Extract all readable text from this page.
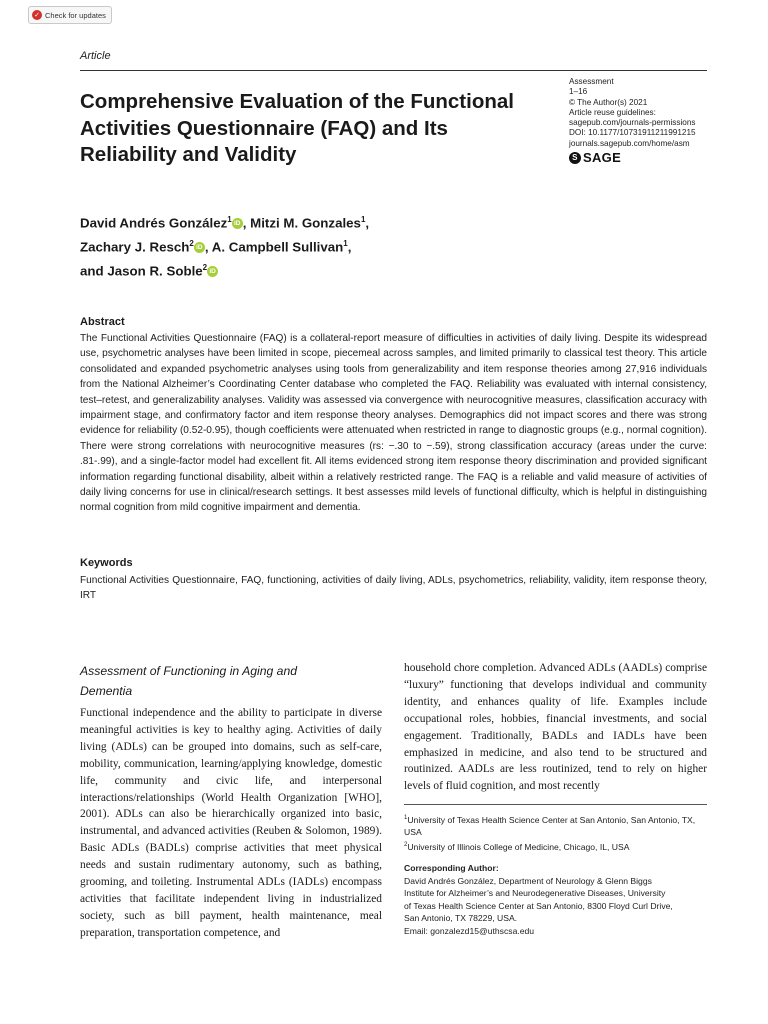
✓ Check for updates
Article
Comprehensive Evaluation of the Functional Activities Questionnaire (FAQ) and Its Reliability and Validity
Assessment
1–16
© The Author(s) 2021
Article reuse guidelines:
sagepub.com/journals-permissions
DOI: 10.1177/10731911211991215
journals.sagepub.com/home/asm
S SAGE
David Andrés González$^1$ iD , Mitzi M. Gonzales$^1$,
Zachary J. Resch$^2$ iD , A. Campbell Sullivan$^1$,
and Jason R. Soble$^2$ iD
Abstract

The Functional Activities Questionnaire (FAQ) is a collateral-report measure of difficulties in activities of daily living. Despite its widespread use, psychometric analyses have been limited in scope, piecemeal across samples, and limited primarily to classical test theory. This article consolidated and expanded psychometric analyses using tools from generalizability and item response theories among 27,916 individuals from the National Alzheimer’s Coordinating Center database who completed the FAQ. Reliability was evaluated with internal consistency, test–retest, and generalizability analyses. Validity was assessed via convergence with neurocognitive measures, classification accuracy with impairment stage, and confirmatory factor and item response theory analyses. Demographics did not impact scores and there was strong evidence for reliability (0.52-0.95), though coefficients were attenuated when restricted in range to diagnostic groups (e.g., normal cognition). There were strong correlations with neurocognitive measures (rs: −.30 to −.59), strong classification accuracy (areas under the curve: .81-.99), and a single-factor model had excellent fit. All items evidenced strong item response theory discrimination and provided significant information regarding functional disability, albeit within a relatively restricted range. The FAQ is a reliable and valid measure of activities of daily living concerns for use in clinical/research settings. It best assesses mild levels of functional difficulty, which is helpful in distinguishing normal cognition from mild cognitive impairment and dementia.

Keywords

Functional Activities Questionnaire, FAQ, functioning, activities of daily living, ADLs, psychometrics, reliability, validity, item response theory, IRT

Assessment of Functioning in Aging and Dementia

Functional independence and the ability to participate in diverse meaningful activities is key to healthy aging. Activities of daily living (ADLs) can be grouped into domains, such as self-care, mobility, communication, learning/applying knowledge, domestic life, community and civic life, and interpersonal interactions/relationships (World Health Organization [WHO], 2001). ADLs can also be hierarchically organized into basic, instrumental, and advanced activities (Reuben & Solomon, 1989). Basic ADLs (BADLs) comprise activities that meet physical needs and sustain rudimentary autonomy, such as bathing, grooming, and toileting. Instrumental ADLs (IADLs) encompass activities that facilitate independent living in industrialized society, such as bill payment, health maintenance, meal preparation, transportation competence, and

household chore completion. Advanced ADLs (AADLs) comprise “luxury” functioning that develops individual and community identity, and enhances quality of life. Examples include occupational roles, hobbies, financial investments, and social engagement. Traditionally, BADLs and IADLs have been emphasized in medicine, and also tend to be structured and routinized. AADLs are less routinized, tend to rely on higher levels of fluid cognition, and most recently

$^1$University of Texas Health Science Center at San Antonio, San Antonio, TX, USA
$^2$University of Illinois College of Medicine, Chicago, IL, USA
Corresponding Author:
David Andrés González, Department of Neurology & Glenn Biggs
Institute for Alzheimer’s and Neurodegenerative Diseases, University
of Texas Health Science Center at San Antonio, 8300 Floyd Curl Drive,
San Antonio, TX 78229, USA.
Email: gonzalezd15@uthscsa.edu
